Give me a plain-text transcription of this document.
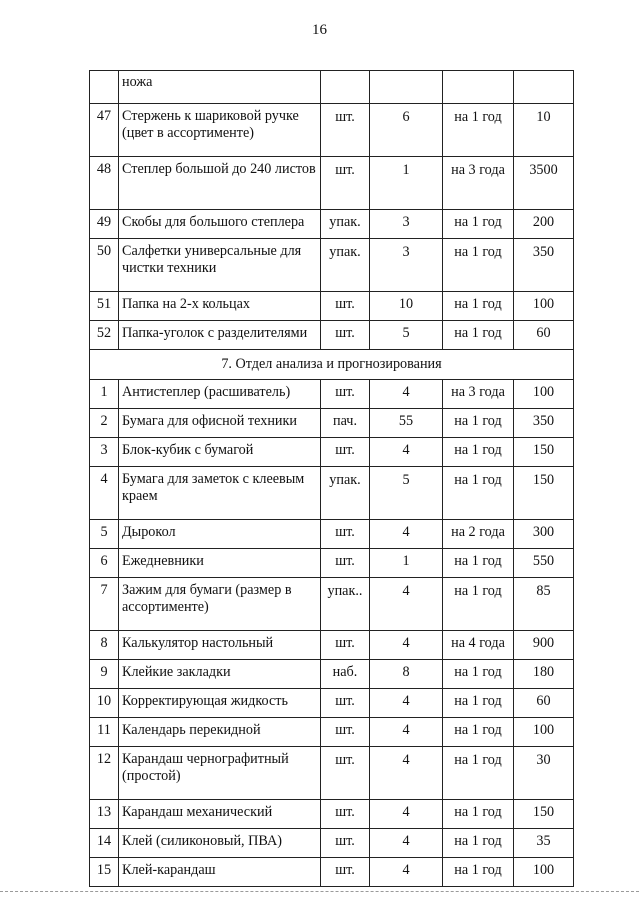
16
	ножа				
47	Стержень к шариковой ручке (цвет в ассортименте)	шт.	6	на 1 год	10
48	Степлер большой до 240 листов	шт.	1	на 3 года	3500
49	Скобы для большого степлера	упак.	3	на 1 год	200
50	Салфетки универсальные для чистки техники	упак.	3	на 1 год	350
51	Папка на 2-х кольцах	шт.	10	на 1 год	100
52	Папка-уголок с разделителями	шт.	5	на 1 год	60
7. Отдел анализа и прогнозирования					
1	Антистеплер (расшиватель)	шт.	4	на 3 года	100
2	Бумага для офисной техники	пач.	55	на 1 год	350
3	Блок-кубик с бумагой	шт.	4	на 1 год	150
4	Бумага для заметок с клеевым краем	упак.	5	на 1 год	150
5	Дырокол	шт.	4	на 2 года	300
6	Ежедневники	шт.	1	на 1 год	550
7	Зажим для бумаги (размер в ассортименте)	упак..	4	на 1 год	85
8	Калькулятор настольный	шт.	4	на 4 года	900
9	Клейкие закладки	наб.	8	на 1 год	180
10	Корректирующая жидкость	шт.	4	на 1 год	60
11	Календарь перекидной	шт.	4	на 1 год	100
12	Карандаш чернографитный (простой)	шт.	4	на 1 год	30
13	Карандаш механический	шт.	4	на 1 год	150
14	Клей (силиконовый, ПВА)	шт.	4	на 1 год	35
15	Клей-карандаш	шт.	4	на 1 год	100
